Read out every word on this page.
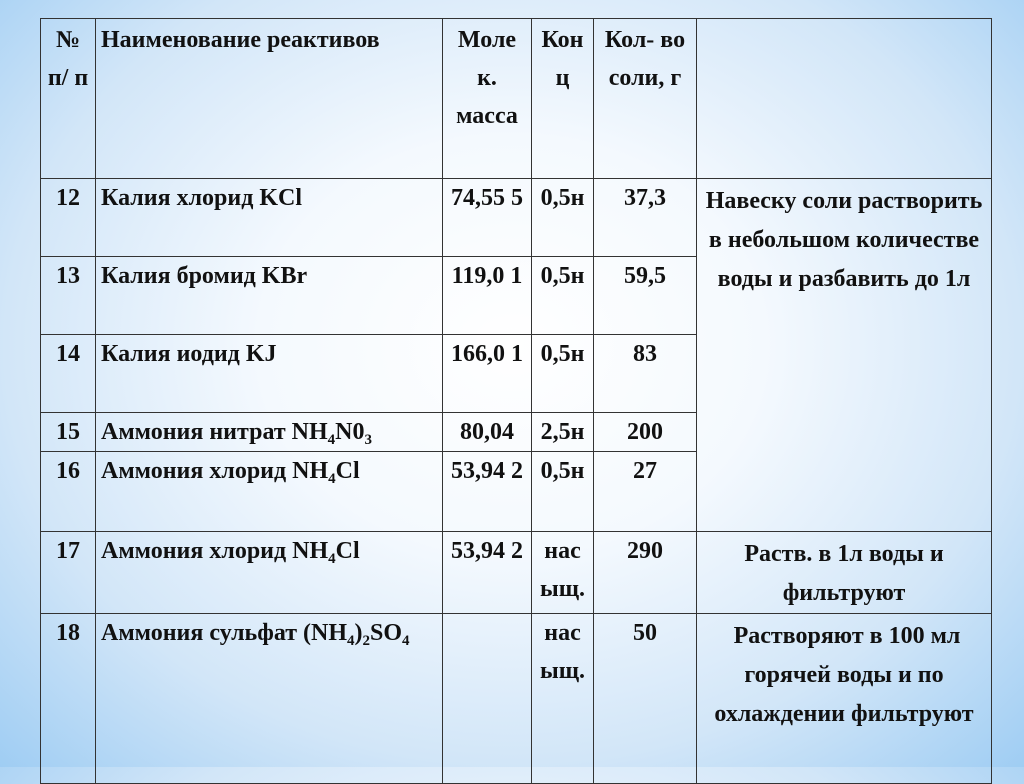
№ п/ п	Наименование реактивов	Моле к. масса	Кон ц	Кол- во соли, г	
12	Калия хлорид KCl	74,55 5	0,5н	37,3	Навеску соли растворить в небольшом количестве воды и разбавить до 1л
13	Калия бромид KBr	119,0 1	0,5н	59,5	
14	Калия иодид KJ	166,0 1	0,5н	83	
15	Аммония нитрат $NH_4N0_3$	80,04	2,5н	200	
16	Аммония хлорид $NH_4Cl$	53,94 2	0,5н	27	
17	Аммония хлорид $NH_4Cl$	53,94 2	нас ыщ.	290	Раств. в 1л воды и фильтруют
18	Аммония сульфат $(NH_4)_2SO_4$		нас ыщ.	50	Растворяют в 100 мл горячей воды и по охлаждении фильтруют
